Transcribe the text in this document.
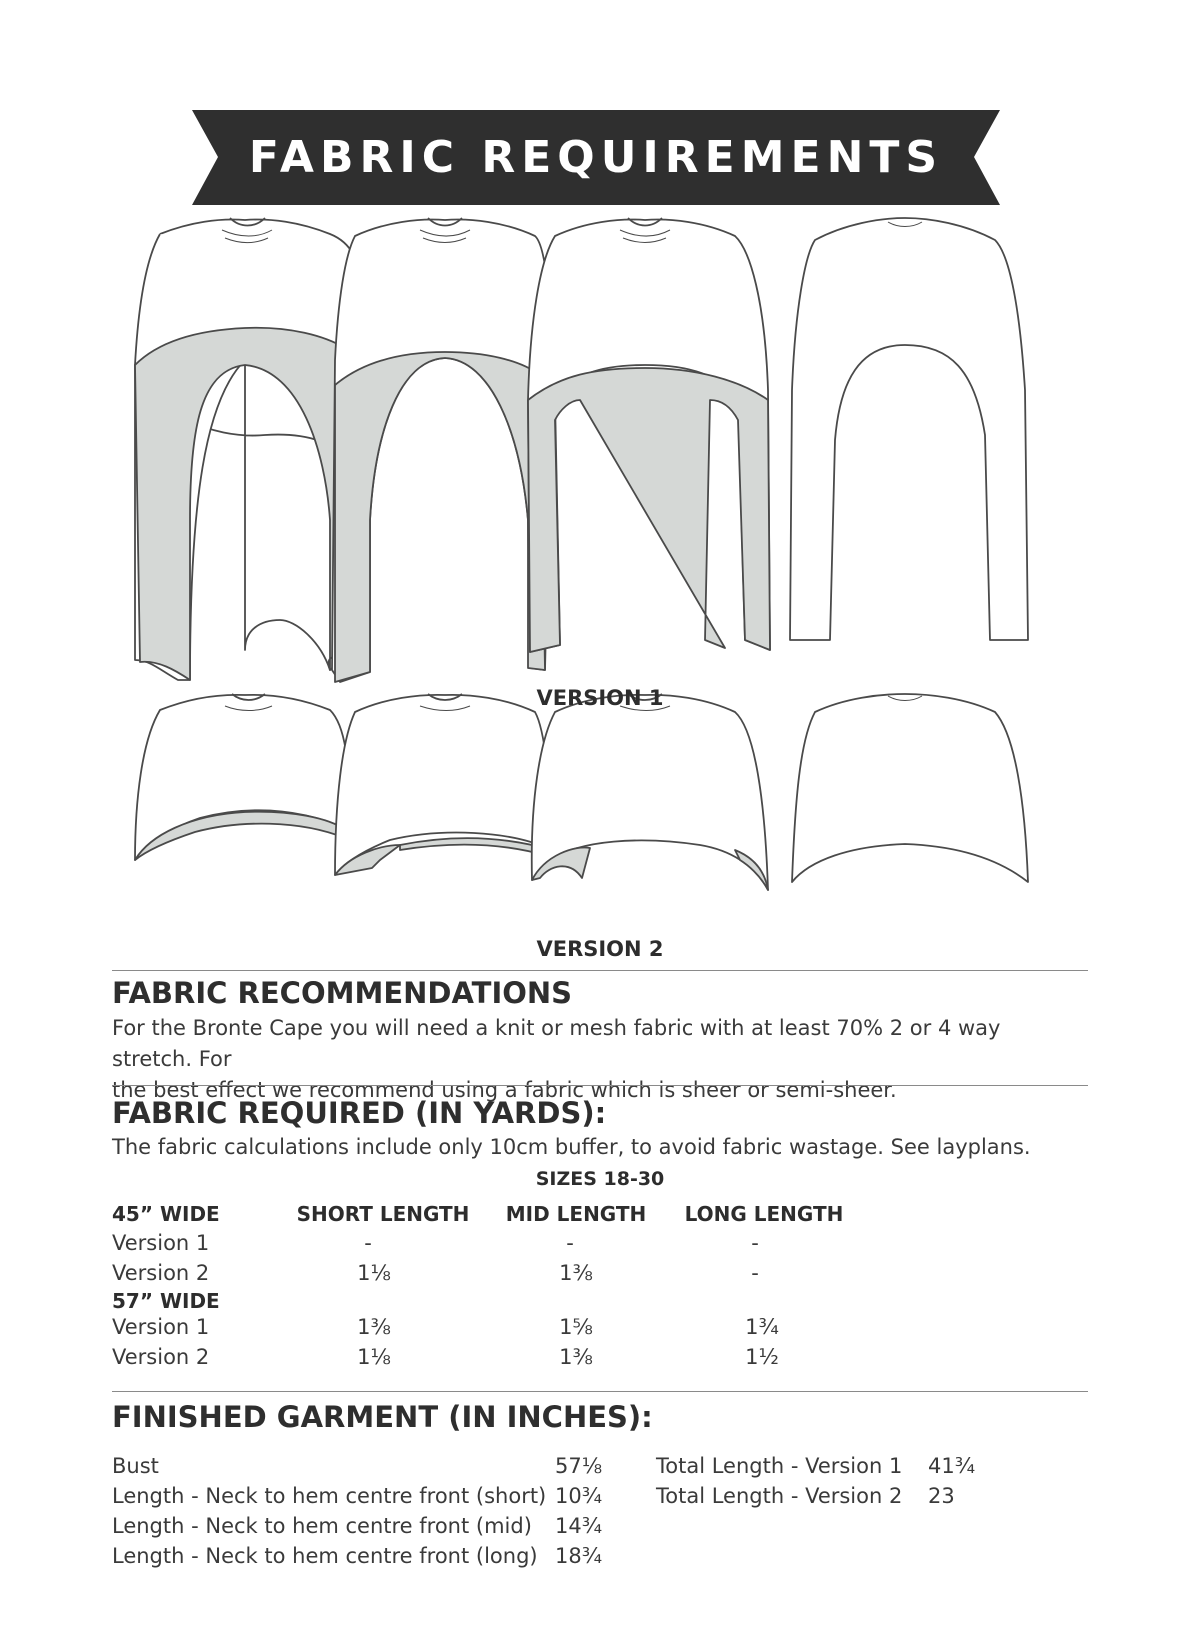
FABRIC REQUIREMENTS
VERSION 1
VERSION 2
FABRIC RECOMMENDATIONS
For the Bronte Cape you will need a knit or mesh fabric with at least 70% 2 or 4 way stretch. For
the best effect we recommend using a fabric which is sheer or semi-sheer.
FABRIC REQUIRED (IN YARDS):
The fabric calculations include only 10cm buffer, to avoid fabric wastage. See layplans.
SIZES 18-30
45” WIDE	SHORT LENGTH MID LENGTH LONG LENGTH
Version 1	-	-	-
Version 2	1⅛	1⅜	-
57” WIDE
Version 1	1⅜	1⅝	1¾
Version 2	1⅛	1⅜	1½
FINISHED GARMENT (IN INCHES):
Bust	57⅛
Length - Neck to hem centre front (short) 10¾
Length - Neck to hem centre front (mid) 14¾
Length - Neck to hem centre front (long) 18¾
Total Length - Version 1 41¾
Total Length - Version 2 23
